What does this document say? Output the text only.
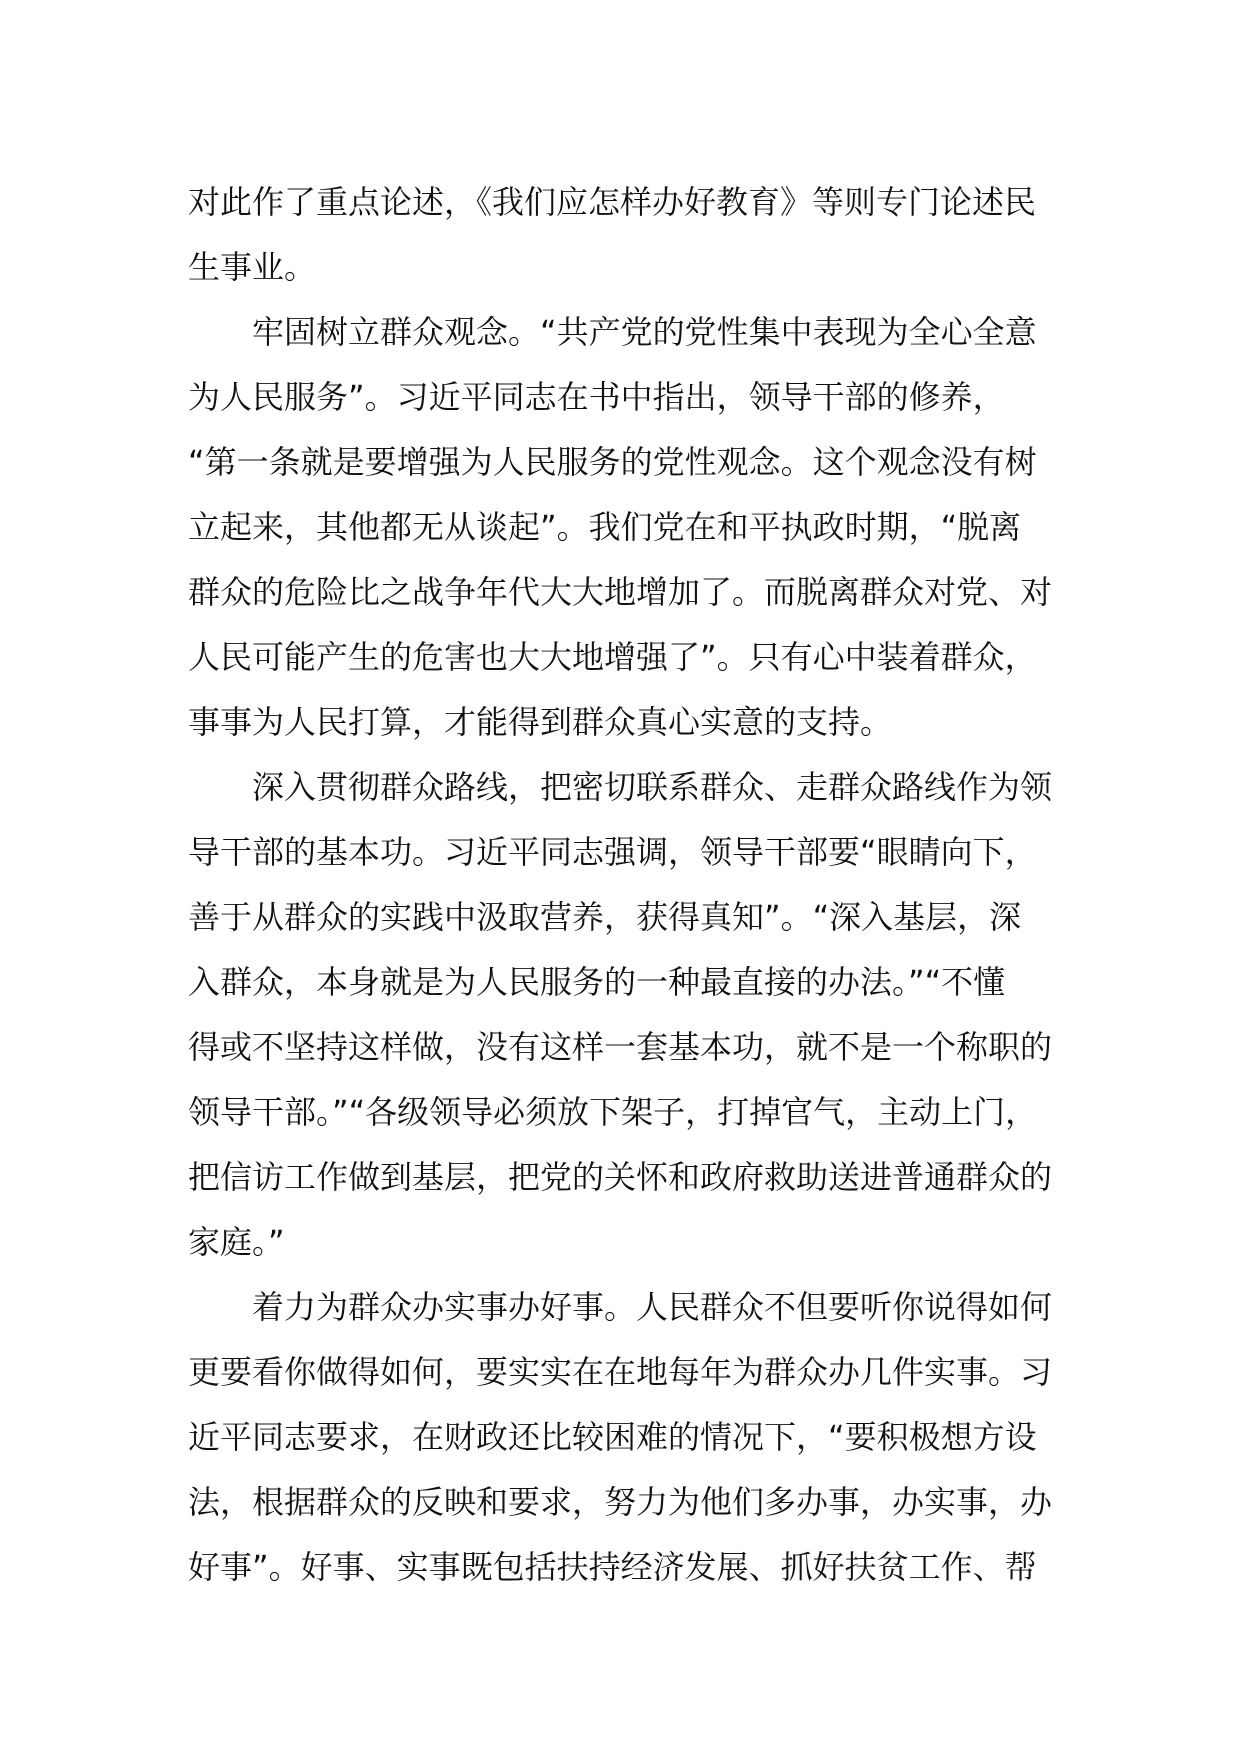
对此作了重点论述，《我们应怎样办好教育》等则专门论述民
生事业。
牢固树立群众观念。“共产党的党性集中表现为全心全意
为人民服务”。习近平同志在书中指出，领导干部的修养，
“第一条就是要增强为人民服务的党性观念。这个观念没有树
立起来，其他都无从谈起”。我们党在和平执政时期，“脱离
群众的危险比之战争年代大大地增加了。而脱离群众对党、对
人民可能产生的危害也大大地增强了”。只有心中装着群众，
事事为人民打算，才能得到群众真心实意的支持。
深入贯彻群众路线，把密切联系群众、走群众路线作为领
导干部的基本功。习近平同志强调，领导干部要“眼睛向下，
善于从群众的实践中汲取营养，获得真知”。“深入基层，深
入群众，本身就是为人民服务的一种最直接的办法。”“不懂
得或不坚持这样做，没有这样一套基本功，就不是一个称职的
领导干部。”“各级领导必须放下架子，打掉官气，主动上门，
把信访工作做到基层，把党的关怀和政府救助送进普通群众的
家庭。”
着力为群众办实事办好事。人民群众不但要听你说得如何
更要看你做得如何，要实实在在地每年为群众办几件实事。习
近平同志要求，在财政还比较困难的情况下，“要积极想方设
法，根据群众的反映和要求，努力为他们多办事，办实事，办
好事”。好事、实事既包括扶持经济发展、抓好扶贫工作、帮
